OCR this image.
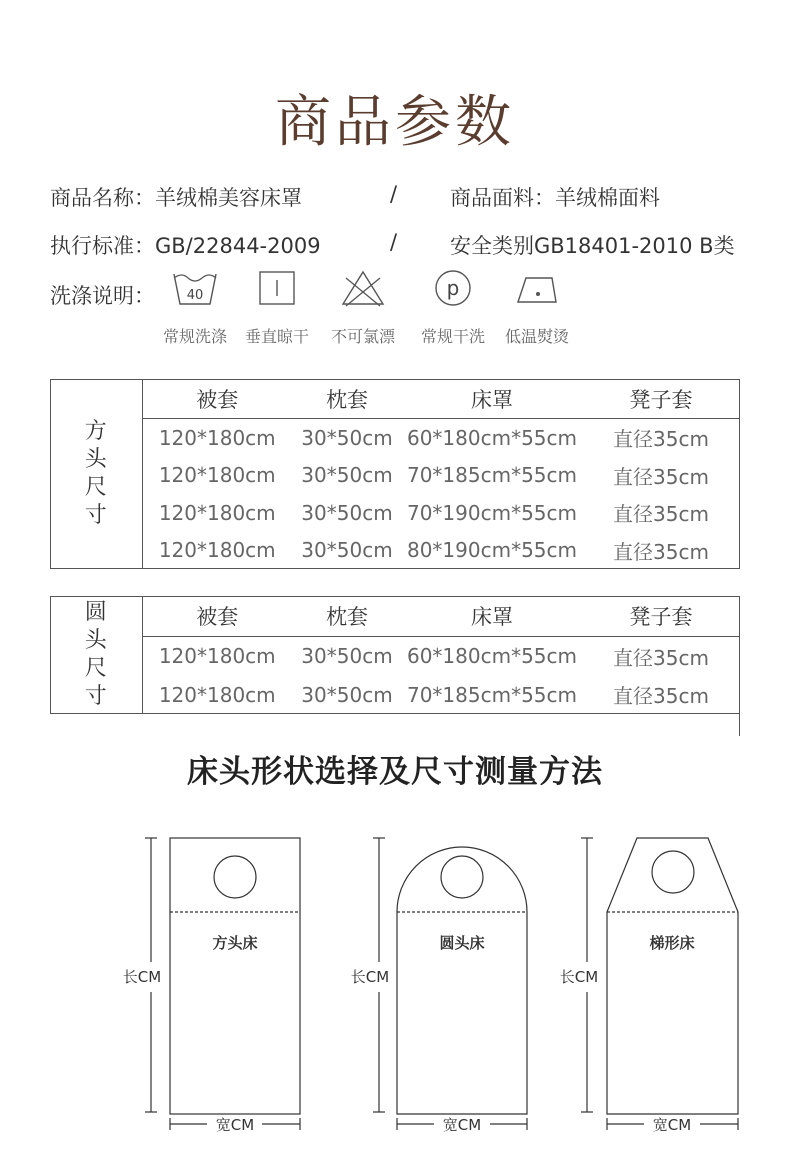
商品参数
商品名称：羊绒棉美容床罩	/	商品面料：羊绒棉面料
执行标准：GB/22844-2009	/	安全类别GB18401-2010 B类
洗涤说明： 40
常规洗涤	垂直晾干	不可氯漂
p
常规干洗	低温熨烫
方
头
尺
寸	被套	枕套	床罩	凳子套
	120*180cm	30*50cm	60*180cm*55cm	直径35cm
	120*180cm	30*50cm	70*185cm*55cm	直径35cm
	120*180cm	30*50cm	70*190cm*55cm	直径35cm
	120*180cm	30*50cm	80*190cm*55cm	直径35cm
圆
头
尺
寸	被套	枕套	床罩	凳子套
	120*180cm	30*50cm	60*180cm*55cm	直径35cm
	120*180cm	30*50cm	70*185cm*55cm	直径35cm
床头形状选择及尺寸测量方法
方头床
长CM
宽CM
圆头床
长CM
宽CM
梯形床
长CM
宽CM
